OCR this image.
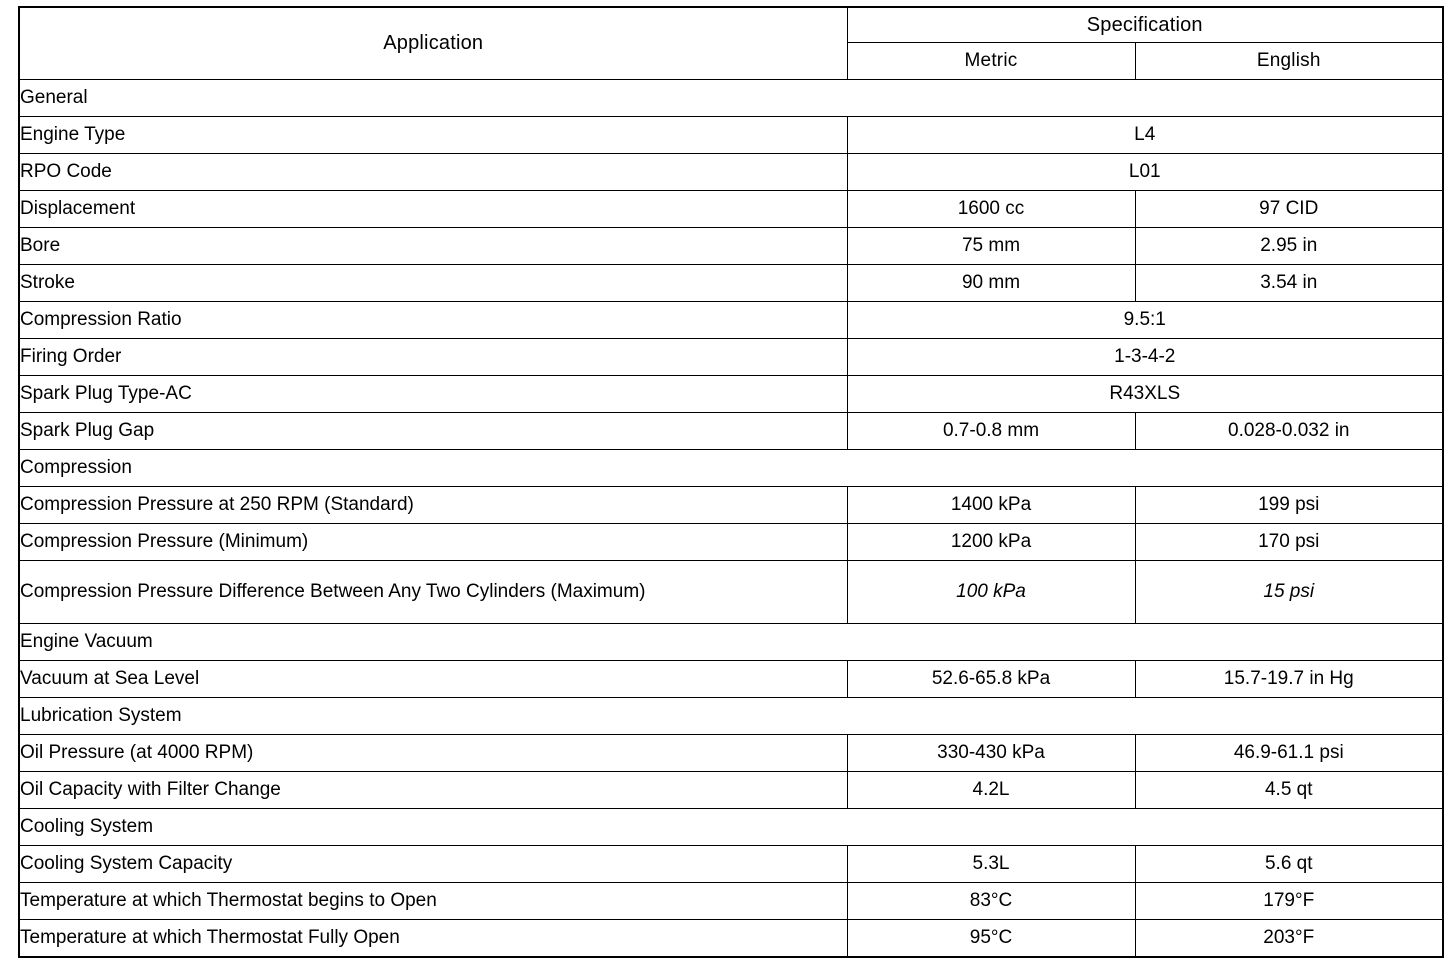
Application	Specification	
	Metric	English
General		
Engine Type	L4	
RPO Code	L01	
Displacement	1600 cc	97 CID
Bore	75 mm	2.95 in
Stroke	90 mm	3.54 in
Compression Ratio	9.5:1	
Firing Order	1-3-4-2	
Spark Plug Type-AC	R43XLS	
Spark Plug Gap	0.7-0.8 mm	0.028-0.032 in
Compression		
Compression Pressure at 250 RPM (Standard)	1400 kPa	199 psi
Compression Pressure (Minimum)	1200 kPa	170 psi
Compression Pressure Difference Between Any Two Cylinders (Maximum)	100 kPa	15 psi
Engine Vacuum		
Vacuum at Sea Level	52.6-65.8 kPa	15.7-19.7 in Hg
Lubrication System		
Oil Pressure (at 4000 RPM)	330-430 kPa	46.9-61.1 psi
Oil Capacity with Filter Change	4.2L	4.5 qt
Cooling System		
Cooling System Capacity	5.3L	5.6 qt
Temperature at which Thermostat begins to Open	83°C	179°F
Temperature at which Thermostat Fully Open	95°C	203°F
